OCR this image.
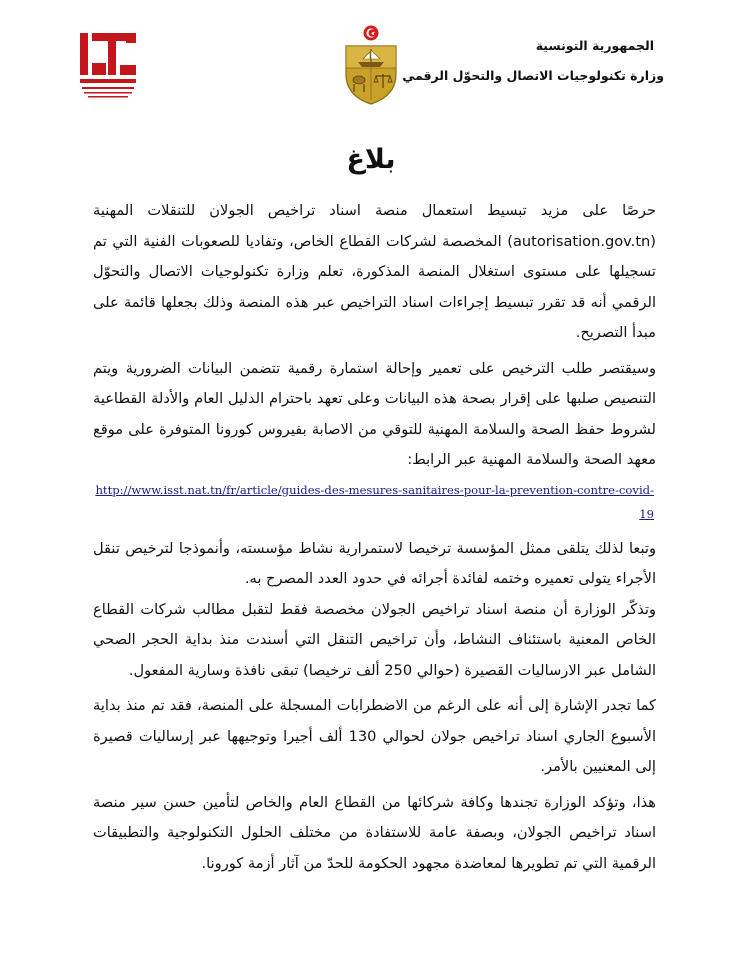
الجمهورية التونسية
وزارة تكنولوجيات الاتصال والتحوّل الرقمي
بلاغ

حرصًا على مزيد تبسيط استعمال منصة اسناد تراخيص الجولان للتنقلات المهنية (autorisation.gov.tn) المخصصة لشركات القطاع الخاص، وتفاديا للصعوبات الفنية التي تم تسجيلها على مستوى استغلال المنصة المذكورة، تعلم وزارة تكنولوجيات الاتصال والتحوّل الرقمي أنه قد تقرر تبسيط إجراءات اسناد التراخيص عبر هذه المنصة وذلك بجعلها قائمة على مبدأ التصريح.

وسيقتصر طلب الترخيص على تعمير وإحالة استمارة رقمية تتضمن البيانات الضرورية ويتم التنصيص صلبها على إقرار بصحة هذه البيانات وعلى تعهد باحترام الدليل العام والأدلة القطاعية لشروط حفظ الصحة والسلامة المهنية للتوقي من الاصابة بفيروس كورونا المتوفرة على موقع معهد الصحة والسلامة المهنية عبر الرابط:

http://www.isst.nat.tn/fr/article/guides-des-mesures-sanitaires-pour-la-prevention-contre-covid-19

وتبعا لذلك يتلقى ممثل المؤسسة ترخيصا لاستمرارية نشاط مؤسسته، وأنموذجا لترخيص تنقل الأجراء يتولى تعميره وختمه لفائدة أجرائه في حدود العدد المصرح به.

وتذكّر الوزارة أن منصة اسناد تراخيص الجولان مخصصة فقط لتقبل مطالب شركات القطاع الخاص المعنية باستئناف النشاط، وأن تراخيص التنقل التي أسندت منذ بداية الحجر الصحي الشامل عبر الارساليات القصيرة (حوالي 250 ألف ترخيصا) تبقى نافذة وسارية المفعول.

كما تجدر الإشارة إلى أنه على الرغم من الاضطرابات المسجلة على المنصة، فقد تم منذ بداية الأسبوع الجاري اسناد تراخيص جولان لحوالي 130 ألف أجيرا وتوجيهها عبر إرساليات قصيرة إلى المعنيين بالأمر.

هذا، وتؤكد الوزارة تجندها وكافة شركائها من القطاع العام والخاص لتأمين حسن سير منصة اسناد تراخيص الجولان، وبصفة عامة للاستفادة من مختلف الحلول التكنولوجية والتطبيقات الرقمية التي تم تطويرها لمعاضدة مجهود الحكومة للحدّ من آثار أزمة كورونا.
